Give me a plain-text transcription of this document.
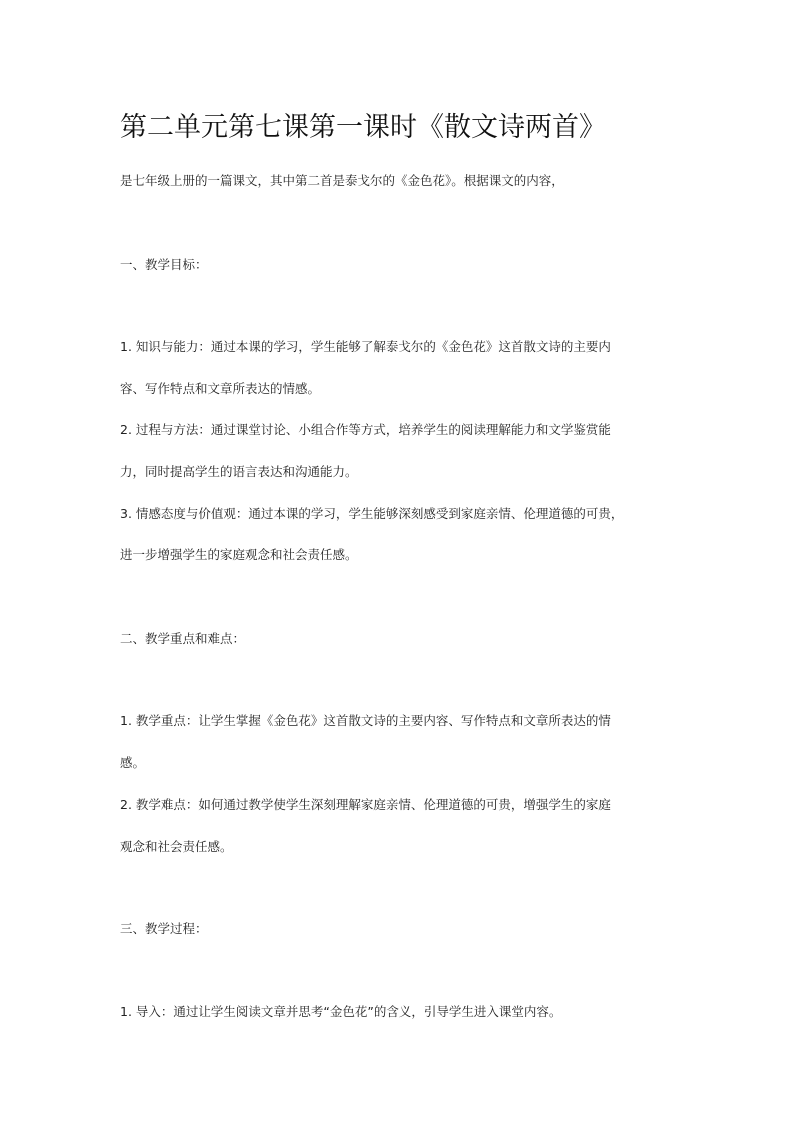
第二单元第七课第一课时《散文诗两首》

是七年级上册的一篇课文，其中第二首是泰戈尔的《金色花》。根据课文的内容，

一、教学目标：

1. 知识与能力：通过本课的学习，学生能够了解泰戈尔的《金色花》这首散文诗的主要内

容、写作特点和文章所表达的情感。

2. 过程与方法：通过课堂讨论、小组合作等方式，培养学生的阅读理解能力和文学鉴赏能

力，同时提高学生的语言表达和沟通能力。

3. 情感态度与价值观：通过本课的学习，学生能够深刻感受到家庭亲情、伦理道德的可贵，

进一步增强学生的家庭观念和社会责任感。

二、教学重点和难点：

1. 教学重点：让学生掌握《金色花》这首散文诗的主要内容、写作特点和文章所表达的情

感。

2. 教学难点：如何通过教学使学生深刻理解家庭亲情、伦理道德的可贵，增强学生的家庭

观念和社会责任感。

三、教学过程：

1. 导入：通过让学生阅读文章并思考“金色花”的含义，引导学生进入课堂内容。
